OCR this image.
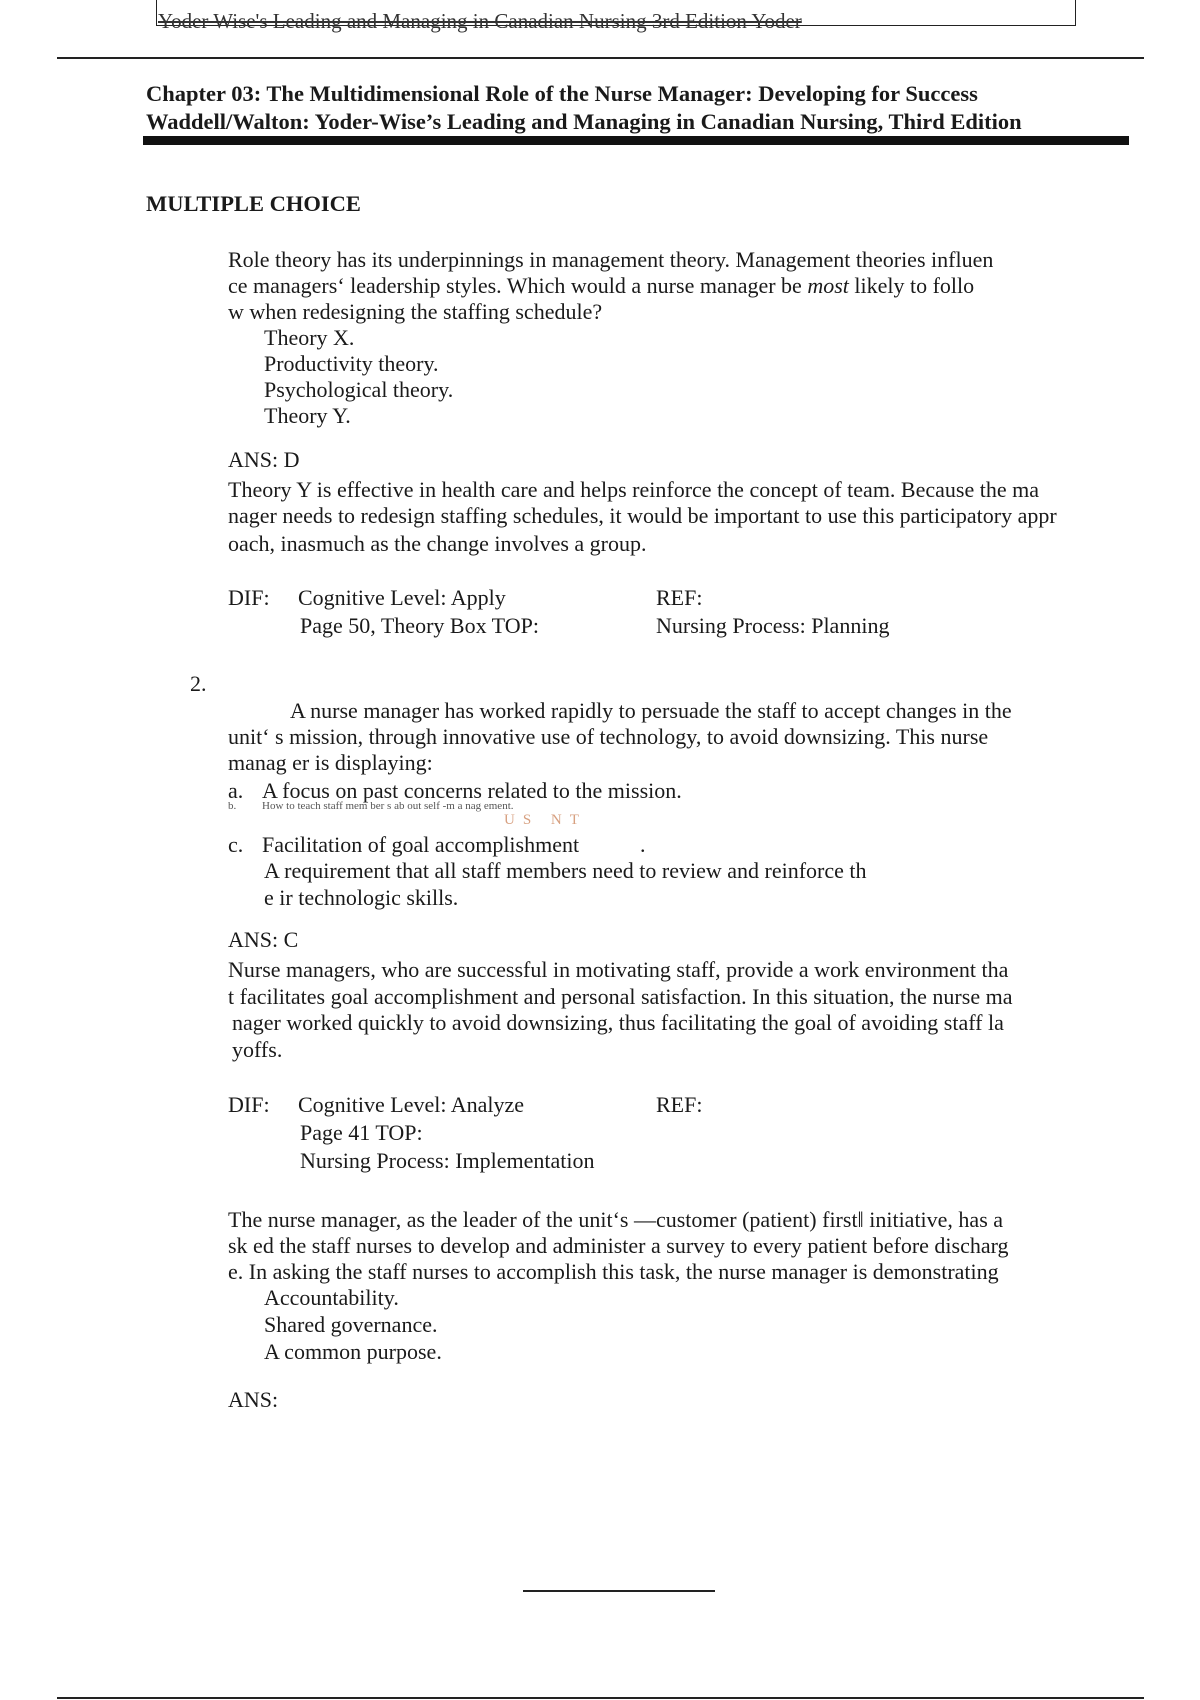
Yoder Wise's Leading and Managing in Canadian Nursing 3rd Edition Yoder
Chapter 03: The Multidimensional Role of the Nurse Manager: Developing for Success
Waddell/Walton: Yoder-Wise’s Leading and Managing in Canadian Nursing, Third Edition
MULTIPLE CHOICE
Role theory has its underpinnings in management theory. Management theories influen
ce managers‘ leadership styles. Which would a nurse manager be most likely to follo
w when redesigning the staffing schedule?
Theory X.
Productivity theory.
Psychological theory.
Theory Y.
ANS: D
Theory Y is effective in health care and helps reinforce the concept of team. Because the ma
nager needs to redesign staffing schedules, it would be important to use this participatory appr
oach, inasmuch as the change involves a group.
DIF: Cognitive Level: Apply	REF:
Page 50, Theory Box TOP:	Nursing Process: Planning
2.
A nurse manager has worked rapidly to persuade the staff to accept changes in the
unit‘ s mission, through innovative use of technology, to avoid downsizing. This nurse
manag er is displaying:
a. A focus on past concerns related to the mission.
b. How to teach staff mem ber s ab out self -m a nag ement.
US NT
c. Facilitation of goal accomplishment	.
A requirement that all staff members need to review and reinforce th
e ir technologic skills.
ANS: C
Nurse managers, who are successful in motivating staff, provide a work environment tha
t facilitates goal accomplishment and personal satisfaction. In this situation, the nurse ma
nager worked quickly to avoid downsizing, thus facilitating the goal of avoiding staff la
yoffs.
DIF: Cognitive Level: Analyze	REF:
Page 41 TOP:
Nursing Process: Implementation
The nurse manager, as the leader of the unit‘s ―customer (patient) first‖ initiative, has a
sk ed the staff nurses to develop and administer a survey to every patient before discharg
e. In asking the staff nurses to accomplish this task, the nurse manager is demonstrating
Accountability.
Shared governance.
A common purpose.
ANS:
